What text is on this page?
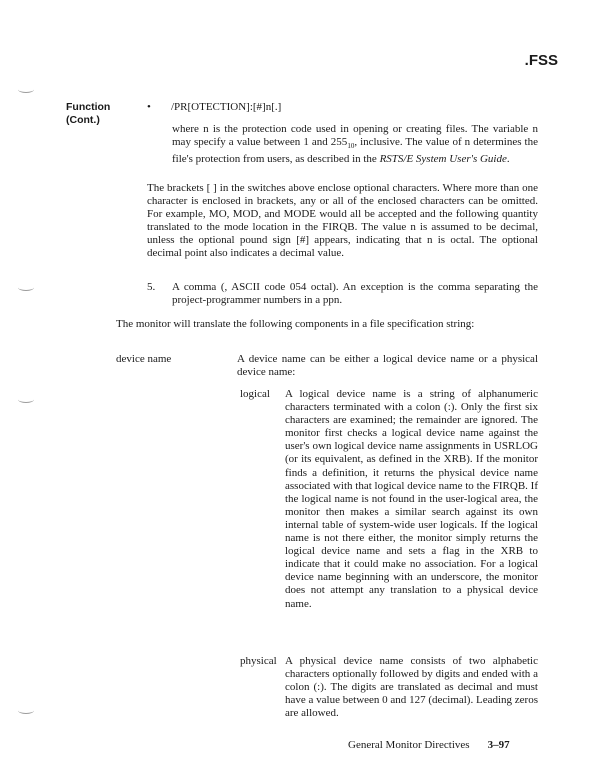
.FSS
Function
(Cont.)
• /PR[OTECTION]:[#]n[.]

where n is the protection code used in opening or creating files. The variable n may specify a value between 1 and $255_{10}$, inclusive. The value of n determines the file's protection from users, as described in the RSTS/E System User's Guide.

The brackets [ ] in the switches above enclose optional characters. Where more than one character is enclosed in brackets, any or all of the enclosed characters can be omitted. For example, MO, MOD, and MODE would all be accepted and the following quantity translated to the mode location in the FIRQB. The value n is assumed to be decimal, unless the optional pound sign [#] appears, indicating that n is octal. The optional decimal point also indicates a decimal value.

5. A comma (, ASCII code 054 octal). An exception is the comma separating the project-programmer numbers in a ppn.

The monitor will translate the following components in a file specification string:

device name	A device name can be either a logical device name or a physical device name:

logical A logical device name is a string of alphanumeric characters terminated with a colon (:). Only the first six characters are examined; the remainder are ignored. The monitor first checks a logical device name against the user's own logical device name assignments in USRLOG (or its equivalent, as defined in the XRB). If the monitor finds a definition, it returns the physical device name associated with that logical device name to the FIRQB. If the logical name is not found in the user-logical area, the monitor then makes a similar search against its own internal table of system-wide user logicals. If the logical name is not there either, the monitor simply returns the logical device name and sets a flag in the XRB to indicate that it could make no association. For a logical device name beginning with an underscore, the monitor does not attempt any translation to a physical device name.

physical A physical device name consists of two alphabetic characters optionally followed by digits and ended with a colon (:). The digits are translated as decimal and must have a value between 0 and 127 (decimal). Leading zeros are allowed.

General Monitor Directives 3–97
